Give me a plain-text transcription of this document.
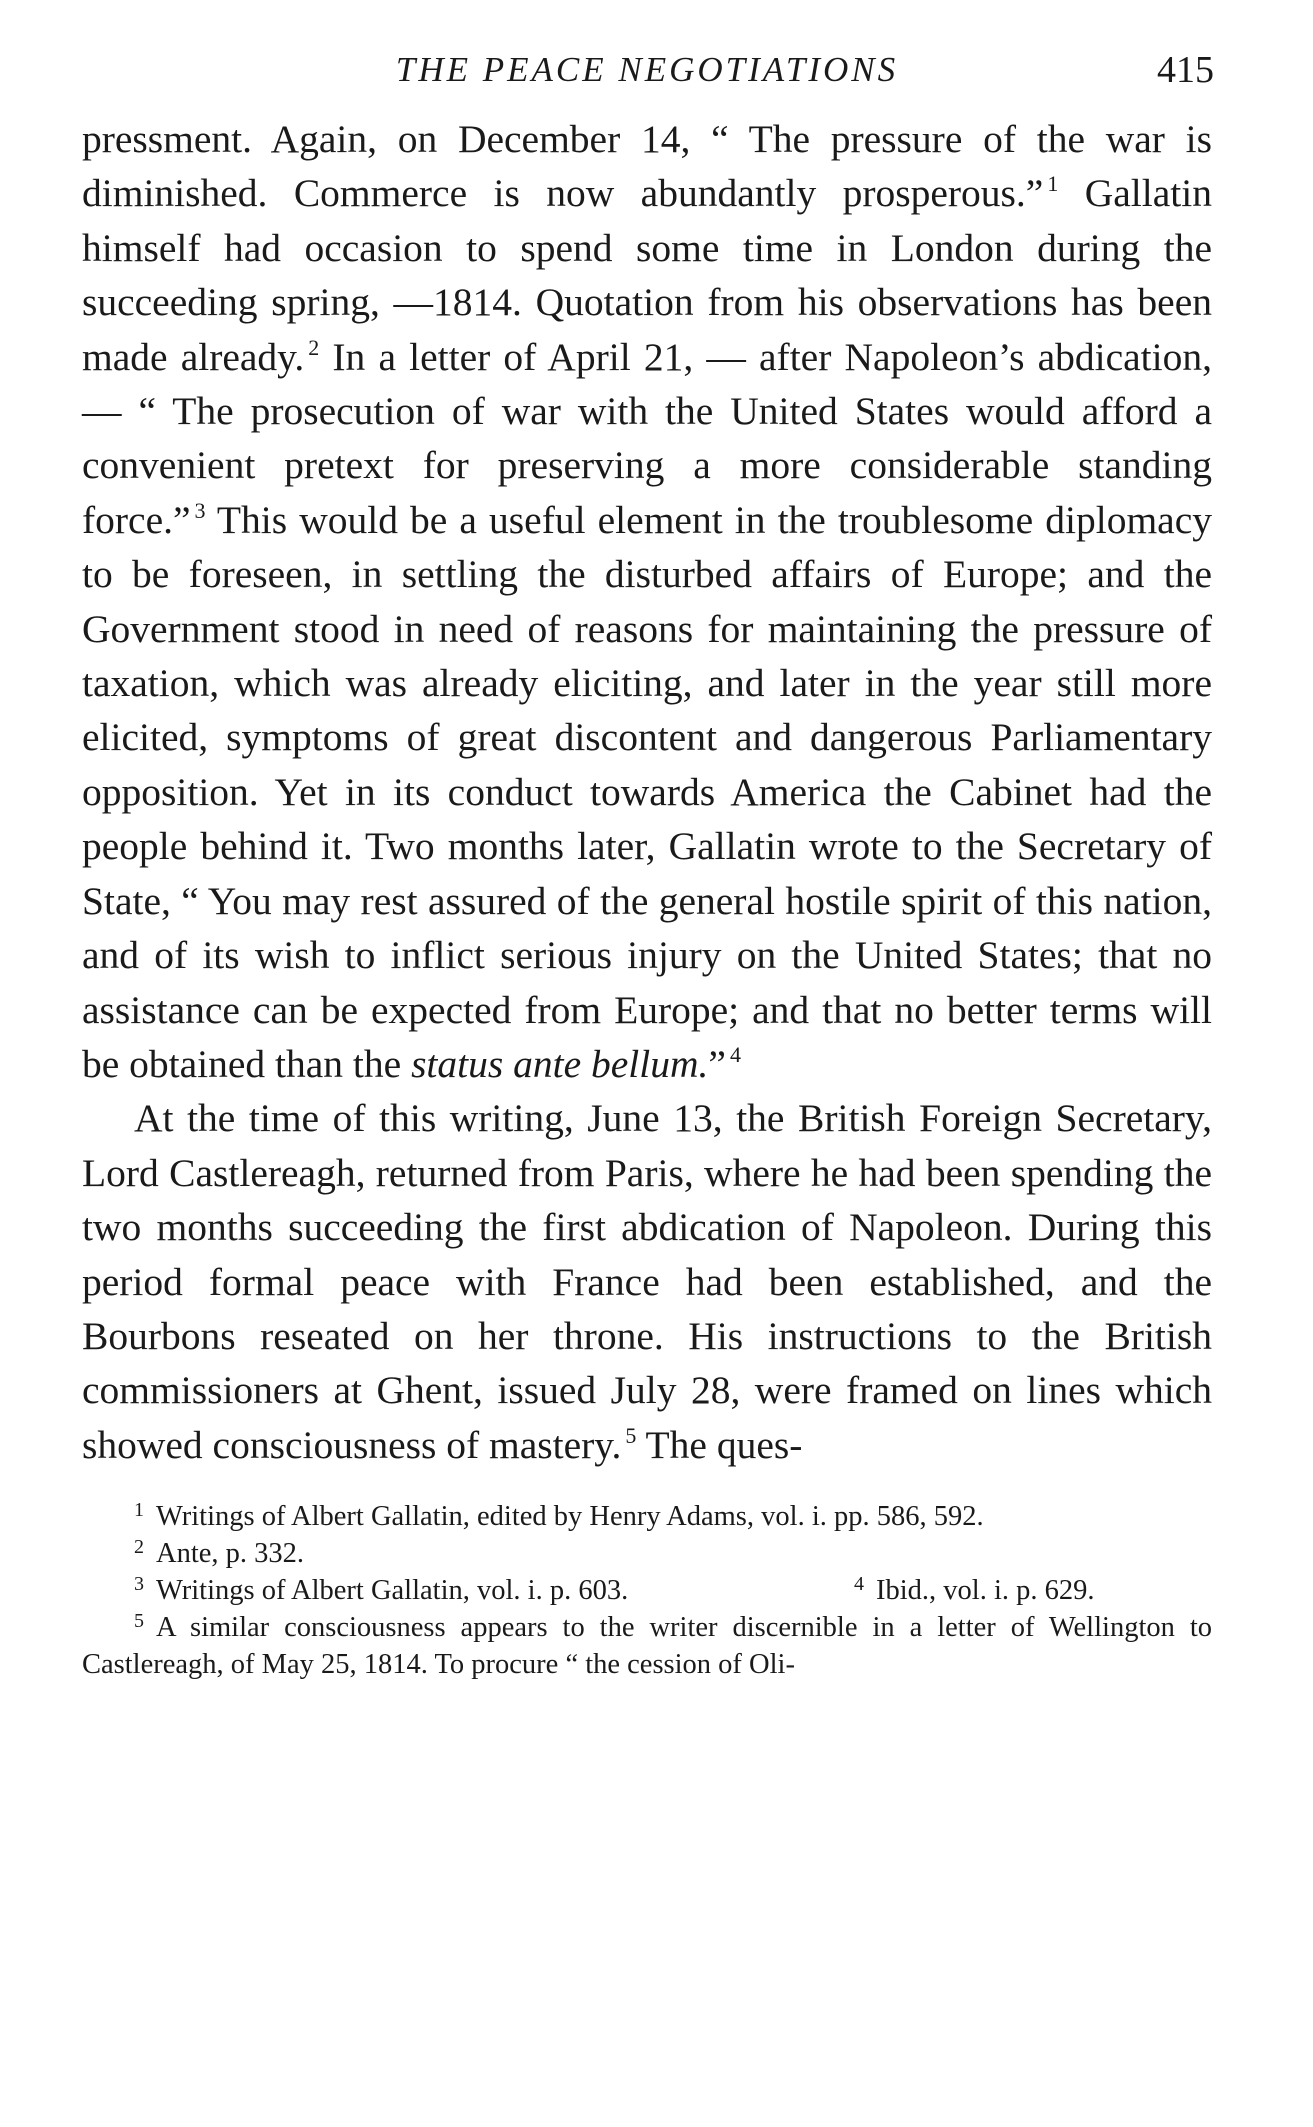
THE PEACE NEGOTIATIONS	415

pressment. Again, on December 14, “ The pressure of the war is diminished. Commerce is now abundantly prosperous.” $^1$ Gallatin himself had occasion to spend some time in London during the succeeding spring, —1814. Quotation from his observations has been made already. $^2$ In a letter of April 21, — after Napoleon’s abdication, — “ The prosecution of war with the United States would afford a convenient pretext for preserving a more considerable standing force.” $^3$ This would be a useful element in the troublesome diplomacy to be foreseen, in settling the disturbed affairs of Europe; and the Government stood in need of reasons for maintaining the pressure of taxation, which was already eliciting, and later in the year still more elicited, symptoms of great discontent and dangerous Parliamentary opposition. Yet in its conduct towards America the Cabinet had the people behind it. Two months later, Gallatin wrote to the Secretary of State, “ You may rest assured of the general hostile spirit of this nation, and of its wish to inflict serious injury on the United States; that no assistance can be expected from Europe; and that no better terms will be obtained than the status ante bellum.” $^4$

At the time of this writing, June 13, the British Foreign Secretary, Lord Castlereagh, returned from Paris, where he had been spending the two months succeeding the first abdication of Napoleon. During this period formal peace with France had been established, and the Bourbons reseated on her throne. His instructions to the British commissioners at Ghent, issued July 28, were framed on lines which showed consciousness of mastery. $^5$ The ques-

$^1$ Writings of Albert Gallatin, edited by Henry Adams, vol. i. pp. 586, 592.

$^2$ Ante, p. 332.

$^3$ Writings of Albert Gallatin, vol. i. p. 603.	$^4$ Ibid., vol. i. p. 629.

$^5$ A similar consciousness appears to the writer discernible in a letter of Wellington to Castlereagh, of May 25, 1814. To procure “ the cession of Oli-
